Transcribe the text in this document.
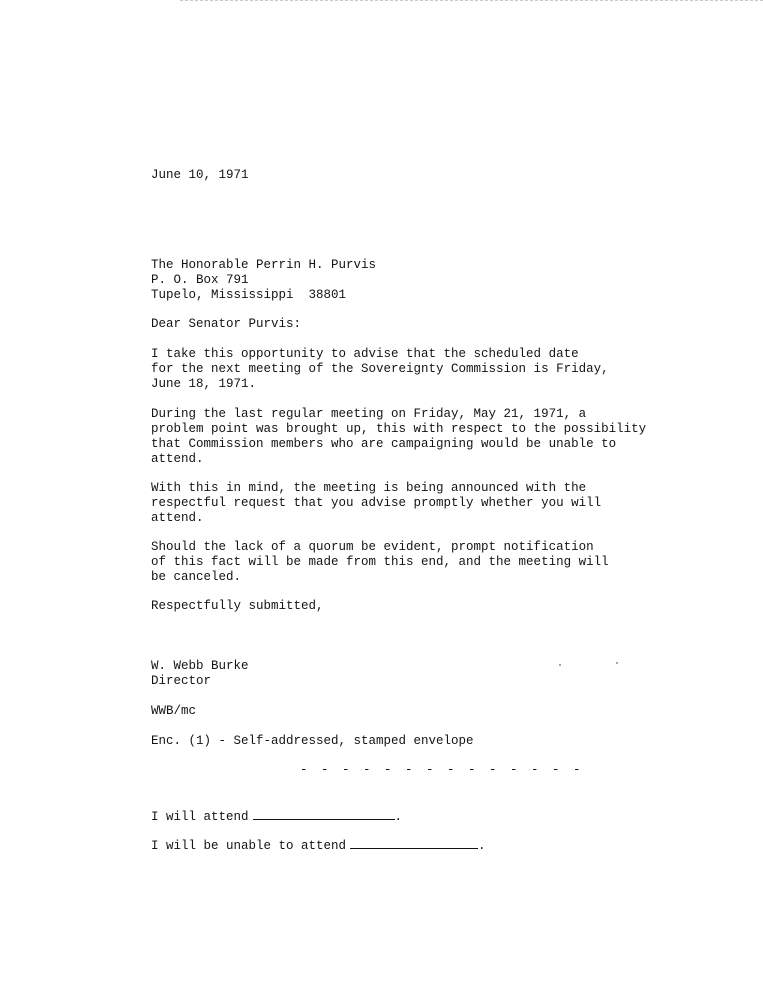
June 10, 1971
The Honorable Perrin H. Purvis
P. O. Box 791
Tupelo, Mississippi  38801
Dear Senator Purvis:
I take this opportunity to advise that the scheduled date
for the next meeting of the Sovereignty Commission is Friday,
June 18, 1971.
During the last regular meeting on Friday, May 21, 1971, a
problem point was brought up, this with respect to the possibility
that Commission members who are campaigning would be unable to
attend.
With this in mind, the meeting is being announced with the
respectful request that you advise promptly whether you will
attend.
Should the lack of a quorum be evident, prompt notification
of this fact will be made from this end, and the meeting will
be canceled.
Respectfully submitted,
W. Webb Burke
Director
WWB/mc
Enc. (1) - Self-addressed, stamped envelope
- - - - - - - - - - - - - -
I will attend	.
I will be unable to attend	.
